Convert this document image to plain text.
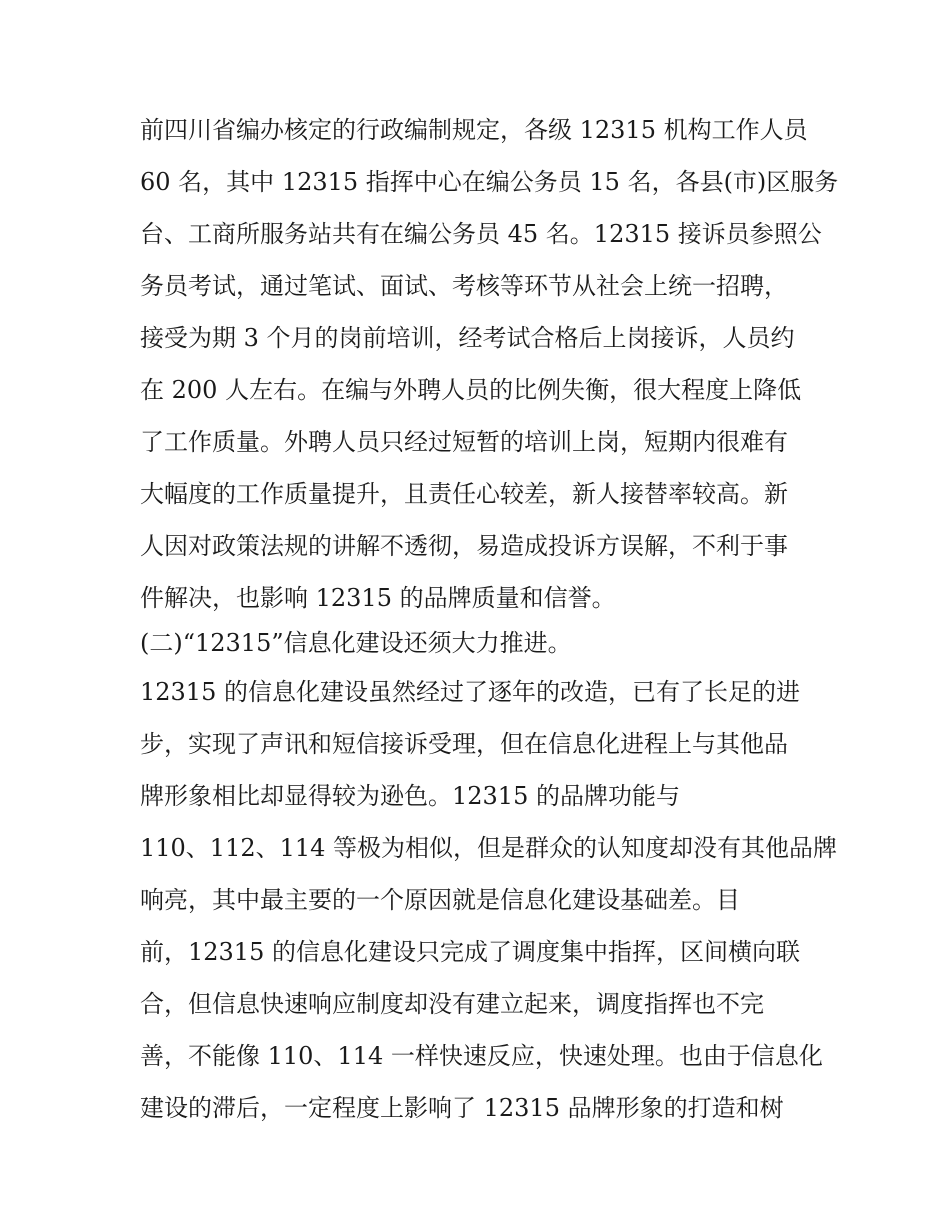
前四川省编办核定的行政编制规定，各级 12315 机构工作人员
60 名，其中 12315 指挥中心在编公务员 15 名，各县(市)区服务
台、工商所服务站共有在编公务员 45 名。12315 接诉员参照公
务员考试，通过笔试、面试、考核等环节从社会上统一招聘，
接受为期 3 个月的岗前培训，经考试合格后上岗接诉，人员约
在 200 人左右。在编与外聘人员的比例失衡，很大程度上降低
了工作质量。外聘人员只经过短暂的培训上岗，短期内很难有
大幅度的工作质量提升，且责任心较差，新人接替率较高。新
人因对政策法规的讲解不透彻，易造成投诉方误解，不利于事
件解决，也影响 12315 的品牌质量和信誉。
(二)“12315”信息化建设还须大力推进。
12315 的信息化建设虽然经过了逐年的改造，已有了长足的进
步，实现了声讯和短信接诉受理，但在信息化进程上与其他品
牌形象相比却显得较为逊色。12315 的品牌功能与
110、112、114 等极为相似，但是群众的认知度却没有其他品牌
响亮，其中最主要的一个原因就是信息化建设基础差。目
前，12315 的信息化建设只完成了调度集中指挥，区间横向联
合，但信息快速响应制度却没有建立起来，调度指挥也不完
善，不能像 110、114 一样快速反应，快速处理。也由于信息化
建设的滞后，一定程度上影响了 12315 品牌形象的打造和树
